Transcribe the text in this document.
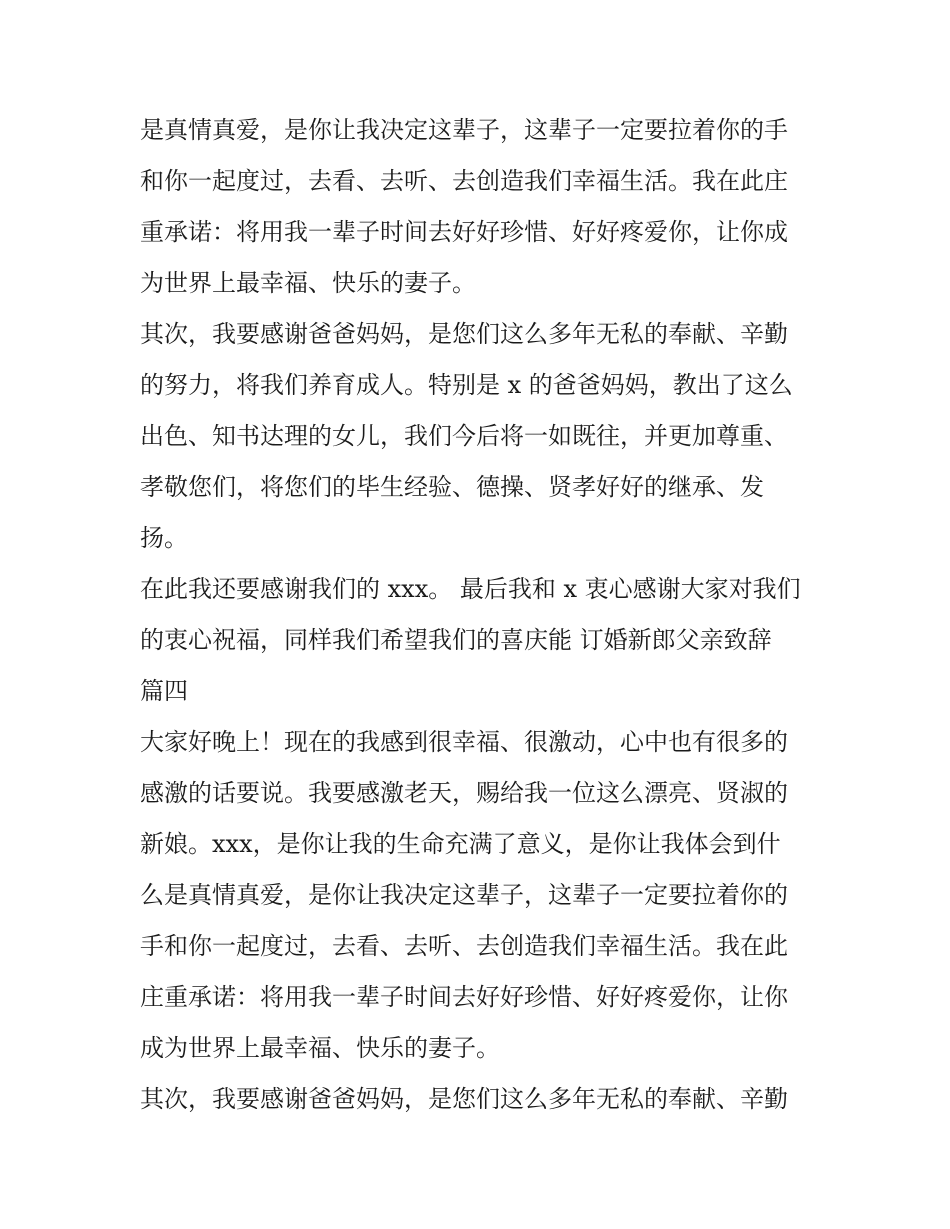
是真情真爱，是你让我决定这辈子，这辈子一定要拉着你的手
和你一起度过，去看、去听、去创造我们幸福生活。我在此庄
重承诺：将用我一辈子时间去好好珍惜、好好疼爱你，让你成
为世界上最幸福、快乐的妻子。
其次，我要感谢爸爸妈妈，是您们这么多年无私的奉献、辛勤
的努力，将我们养育成人。特别是 x 的爸爸妈妈，教出了这么
出色、知书达理的女儿，我们今后将一如既往，并更加尊重、
孝敬您们，将您们的毕生经验、德操、贤孝好好的继承、发
扬。
在此我还要感谢我们的 xxx。 最后我和 x 衷心感谢大家对我们
的衷心祝福，同样我们希望我们的喜庆能 订婚新郎父亲致辞
篇四
大家好晚上！现在的我感到很幸福、很激动，心中也有很多的
感激的话要说。我要感激老天，赐给我一位这么漂亮、贤淑的
新娘。xxx，是你让我的生命充满了意义，是你让我体会到什
么是真情真爱，是你让我决定这辈子，这辈子一定要拉着你的
手和你一起度过，去看、去听、去创造我们幸福生活。我在此
庄重承诺：将用我一辈子时间去好好珍惜、好好疼爱你，让你
成为世界上最幸福、快乐的妻子。
其次，我要感谢爸爸妈妈，是您们这么多年无私的奉献、辛勤
